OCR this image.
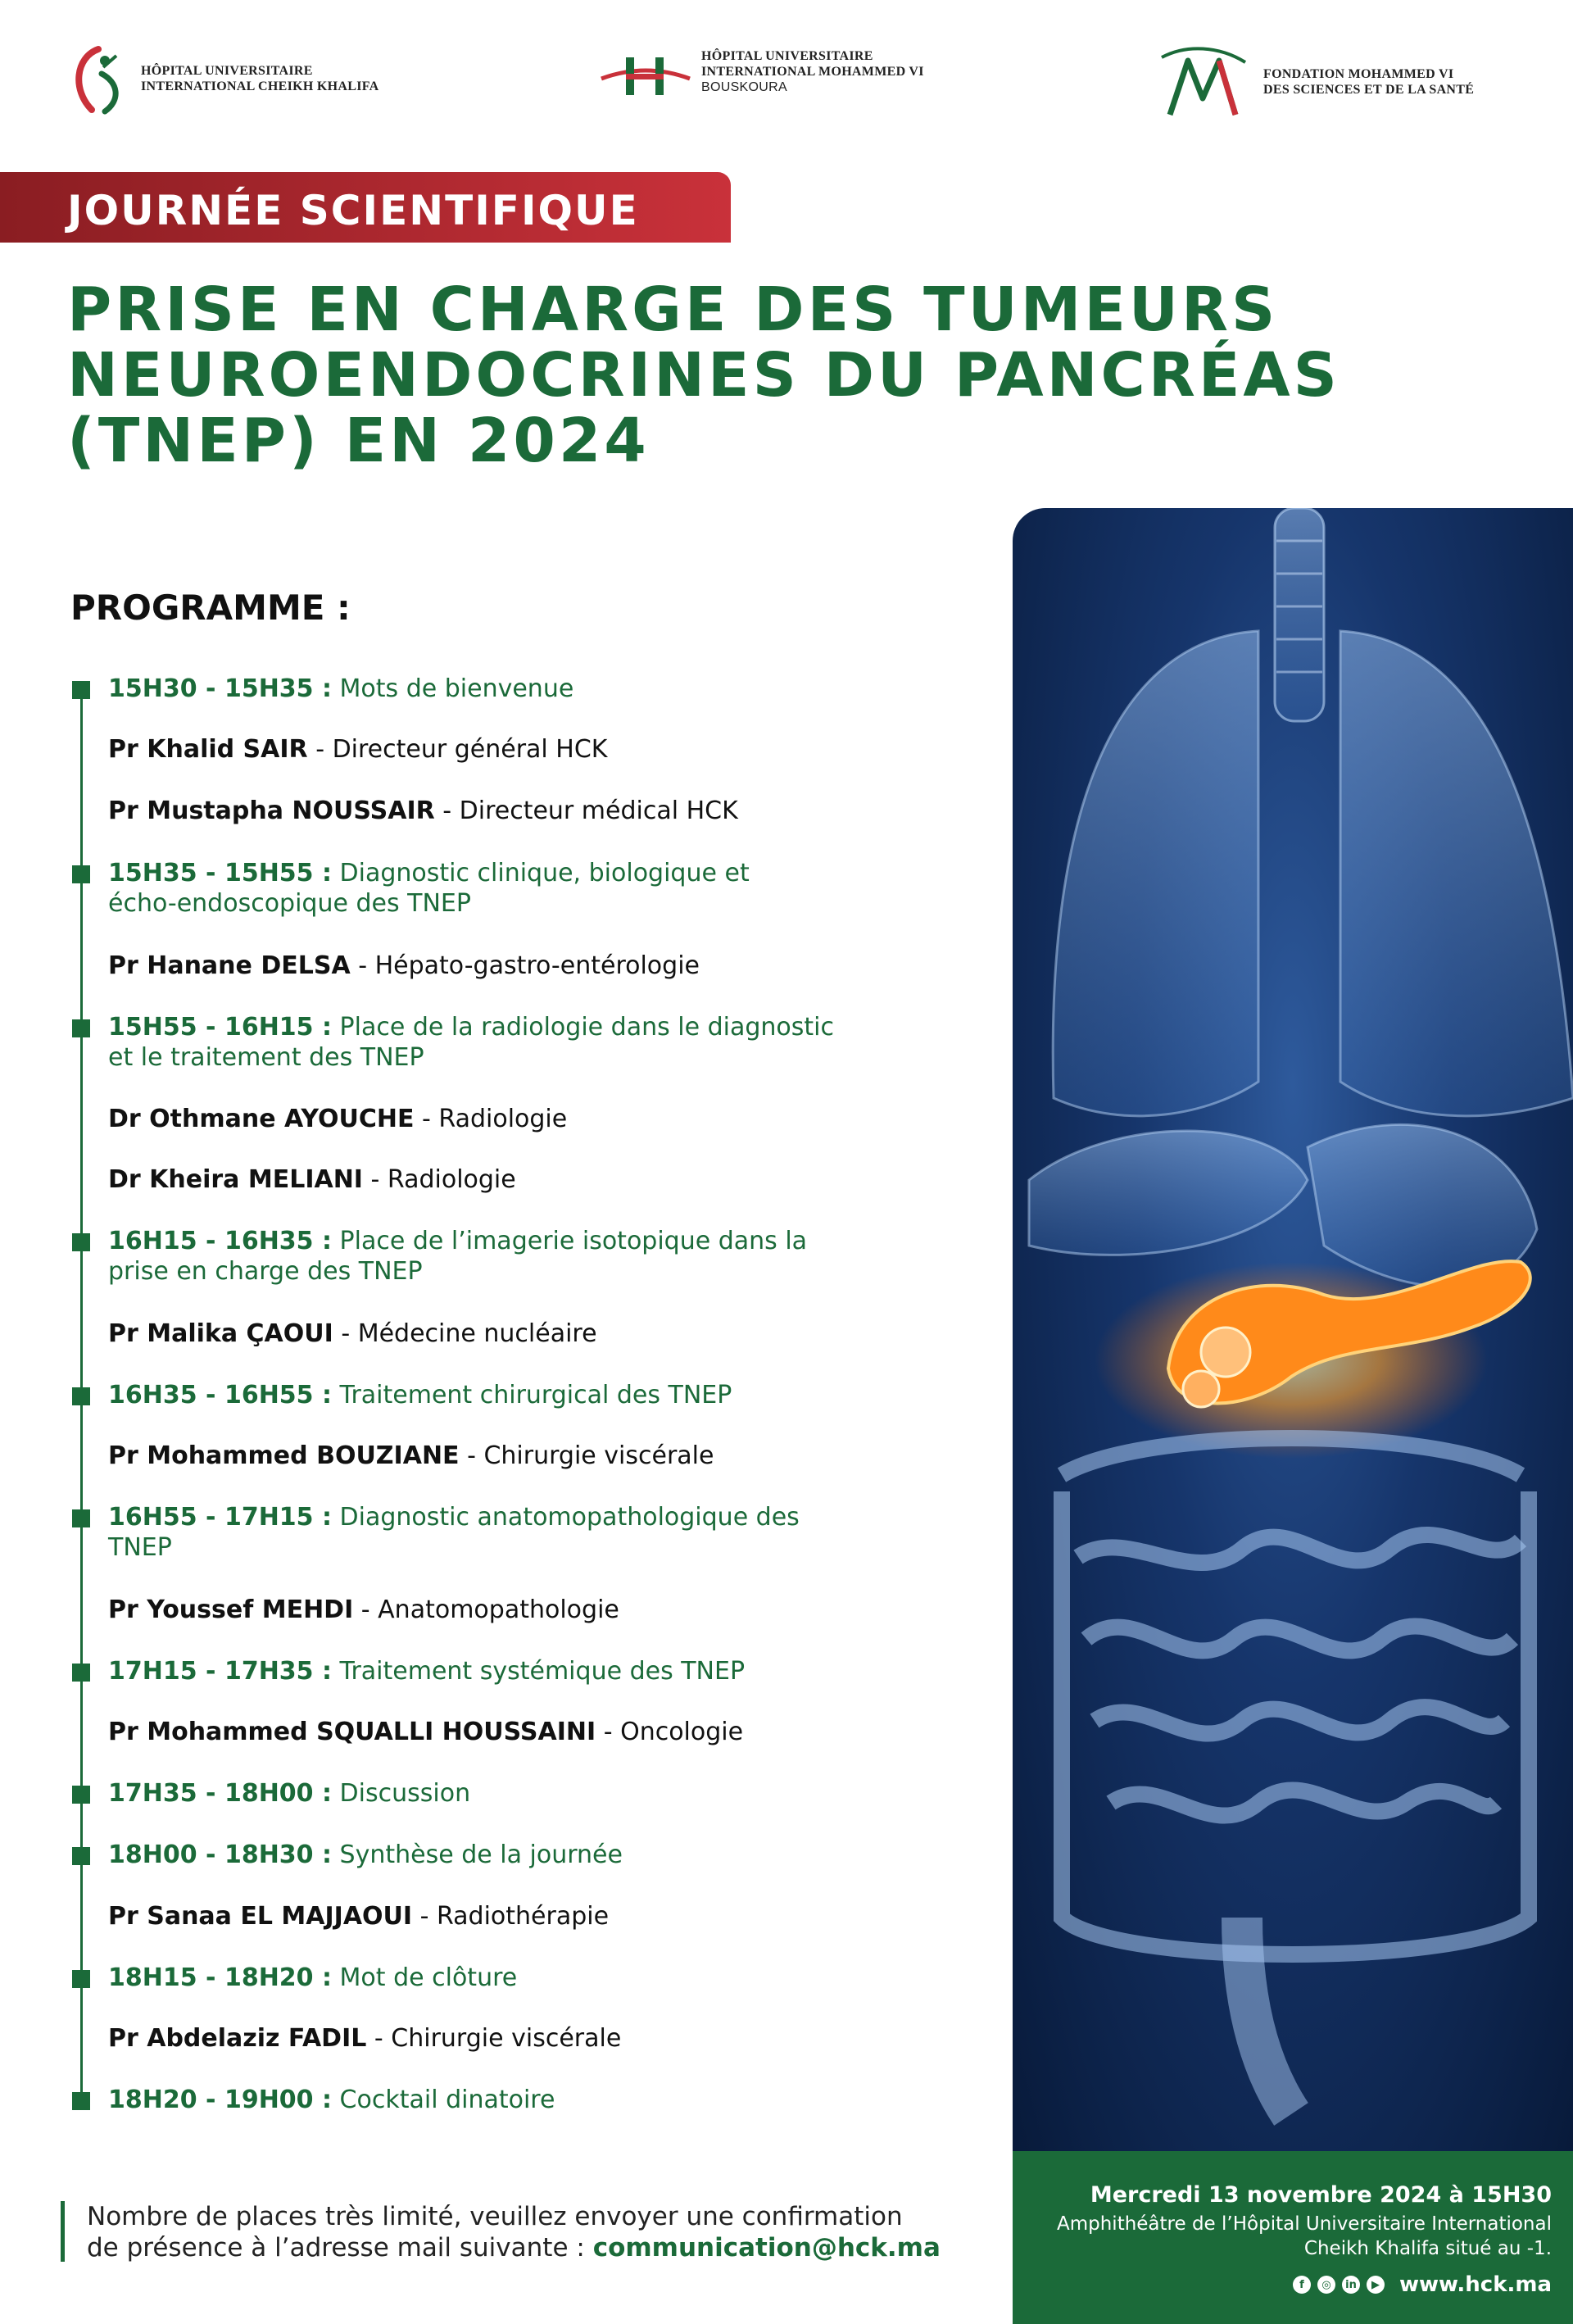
HÔPITAL UNIVERSITAIRE
INTERNATIONAL CHEIKH KHALIFA
HÔPITAL UNIVERSITAIRE
INTERNATIONAL MOHAMMED VI
BOUSKOURA
FONDATION MOHAMMED VI
DES SCIENCES ET DE LA SANTÉ
JOURNÉE SCIENTIFIQUE
PRISE EN CHARGE DES TUMEURS
NEUROENDOCRINES DU PANCRÉAS
(TNEP) EN 2024
PROGRAMME :
15H30 - 15H35 : Mots de bienvenue
Pr Khalid SAIR - Directeur général HCK
Pr Mustapha NOUSSAIR - Directeur médical HCK
15H35 - 15H55 : Diagnostic clinique, biologique et
écho-endoscopique des TNEP
Pr Hanane DELSA - Hépato-gastro-entérologie
15H55 - 16H15 : Place de la radiologie dans le diagnostic
et le traitement des TNEP
Dr Othmane AYOUCHE - Radiologie
Dr Kheira MELIANI - Radiologie
16H15 - 16H35 : Place de l’imagerie isotopique dans la
prise en charge des TNEP
Pr Malika ÇAOUI - Médecine nucléaire
16H35 - 16H55 : Traitement chirurgical des TNEP
Pr Mohammed BOUZIANE - Chirurgie viscérale
16H55 - 17H15 : Diagnostic anatomopathologique des
TNEP
Pr Youssef MEHDI - Anatomopathologie
17H15 - 17H35 : Traitement systémique des TNEP
Pr Mohammed SQUALLI HOUSSAINI - Oncologie
17H35 - 18H00 : Discussion
18H00 - 18H30 : Synthèse de la journée
Pr Sanaa EL MAJJAOUI - Radiothérapie
18H15 - 18H20 : Mot de clôture
Pr Abdelaziz FADIL - Chirurgie viscérale
18H20 - 19H00 : Cocktail dinatoire
Mercredi 13 novembre 2024 à 15H30
Amphithéâtre de l’Hôpital Universitaire International
Cheikh Khalifa situé au -1.
f	◎	in	▶ www.hck.ma
Nombre de places très limité, veuillez envoyer une confirmation
de présence à l’adresse mail suivante : communication@hck.ma
